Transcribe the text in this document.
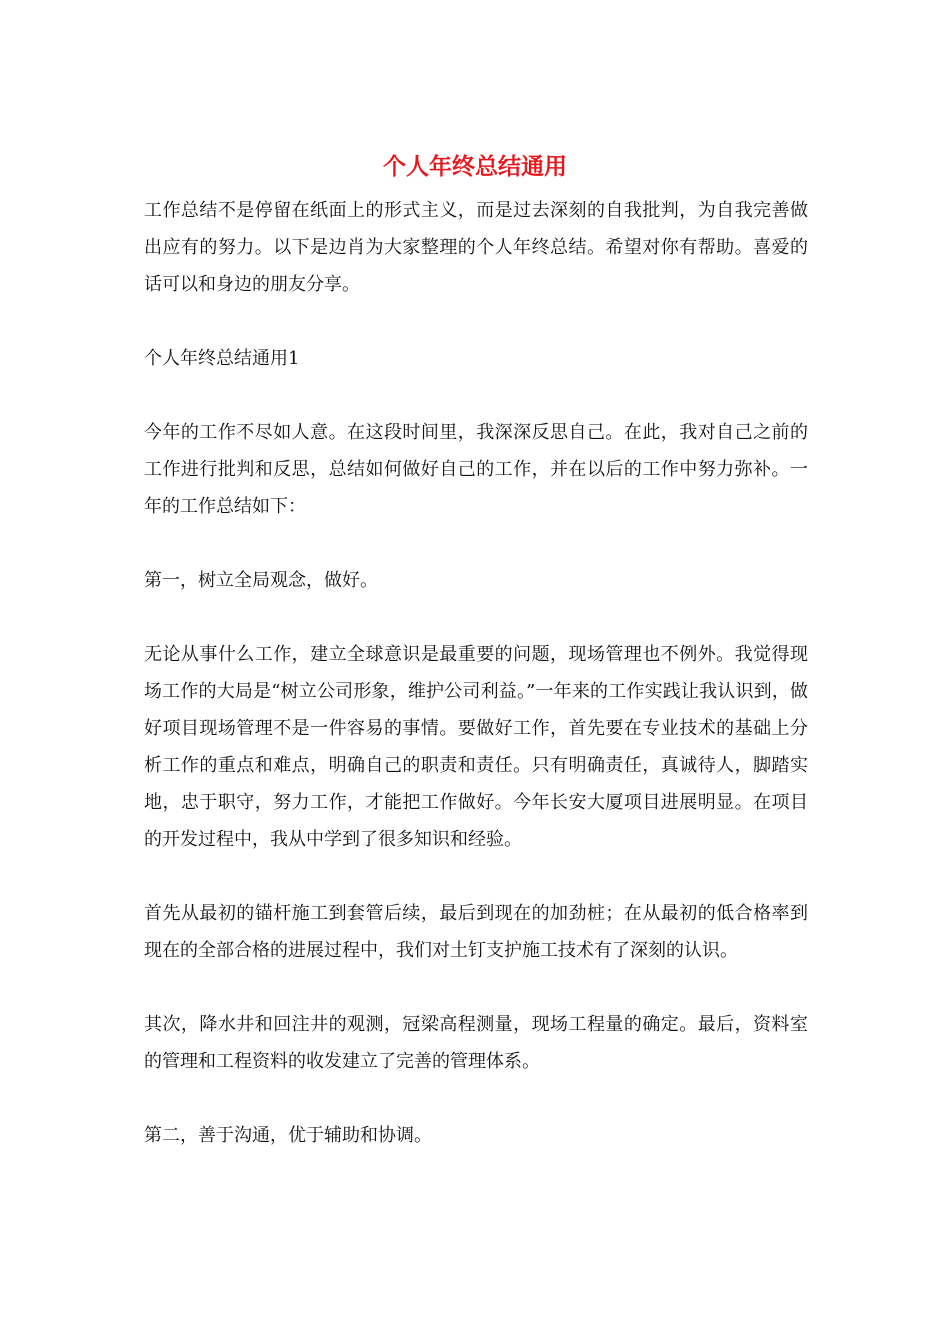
个人年终总结通用

工作总结不是停留在纸面上的形式主义，而是过去深刻的自我批判，为自我完善做出应有的努力。以下是边肖为大家整理的个人年终总结。希望对你有帮助。喜爱的话可以和身边的朋友分享。

个人年终总结通用1

今年的工作不尽如人意。在这段时间里，我深深反思自己。在此，我对自己之前的工作进行批判和反思，总结如何做好自己的工作，并在以后的工作中努力弥补。一年的工作总结如下：

第一，树立全局观念，做好。

无论从事什么工作，建立全球意识是最重要的问题，现场管理也不例外。我觉得现场工作的大局是“树立公司形象，维护公司利益。”一年来的工作实践让我认识到，做好项目现场管理不是一件容易的事情。要做好工作，首先要在专业技术的基础上分析工作的重点和难点，明确自己的职责和责任。只有明确责任，真诚待人，脚踏实地，忠于职守，努力工作，才能把工作做好。今年长安大厦项目进展明显。在项目的开发过程中，我从中学到了很多知识和经验。

首先从最初的锚杆施工到套管后续，最后到现在的加劲桩；在从最初的低合格率到现在的全部合格的进展过程中，我们对土钉支护施工技术有了深刻的认识。

其次，降水井和回注井的观测，冠梁高程测量，现场工程量的确定。最后，资料室的管理和工程资料的收发建立了完善的管理体系。

第二，善于沟通，优于辅助和协调。
